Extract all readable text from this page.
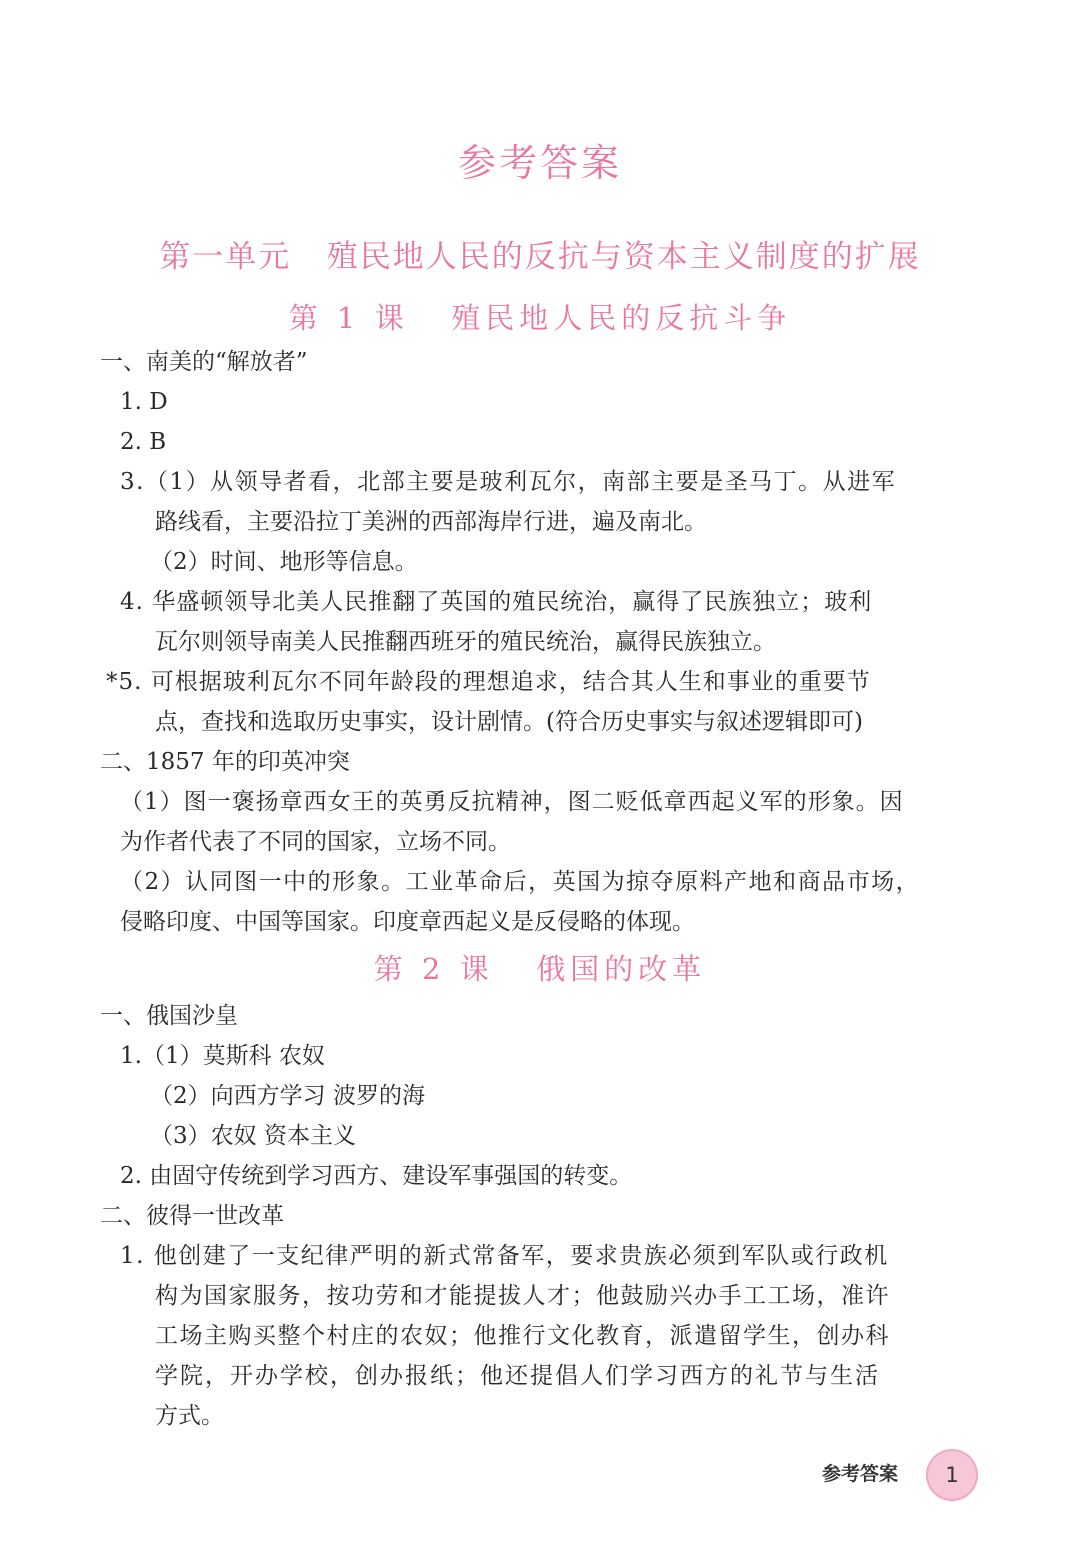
参考答案
第一单元   殖民地人民的反抗与资本主义制度的扩展
第 1 课   殖民地人民的反抗斗争
一、南美的“解放者”
1. D
2. B
3.（1）从领导者看，北部主要是玻利瓦尔，南部主要是圣马丁。从进军
路线看，主要沿拉丁美洲的西部海岸行进，遍及南北。
（2）时间、地形等信息。
4. 华盛顿领导北美人民推翻了英国的殖民统治，赢得了民族独立；玻利
瓦尔则领导南美人民推翻西班牙的殖民统治，赢得民族独立。
*5. 可根据玻利瓦尔不同年龄段的理想追求，结合其人生和事业的重要节
点，查找和选取历史事实，设计剧情。(符合历史事实与叙述逻辑即可)
二、1857 年的印英冲突
（1）图一褒扬章西女王的英勇反抗精神，图二贬低章西起义军的形象。因
为作者代表了不同的国家，立场不同。
（2）认同图一中的形象。工业革命后，英国为掠夺原料产地和商品市场，
侵略印度、中国等国家。印度章西起义是反侵略的体现。
第 2 课   俄国的改革
一、俄国沙皇
1.（1）莫斯科 农奴
（2）向西方学习 波罗的海
（3）农奴 资本主义
2. 由固守传统到学习西方、建设军事强国的转变。
二、彼得一世改革
1. 他创建了一支纪律严明的新式常备军，要求贵族必须到军队或行政机
构为国家服务，按功劳和才能提拔人才；他鼓励兴办手工工场，准许
工场主购买整个村庄的农奴；他推行文化教育，派遣留学生，创办科
学院，开办学校，创办报纸；他还提倡人们学习西方的礼节与生活
方式。
参考答案	1
